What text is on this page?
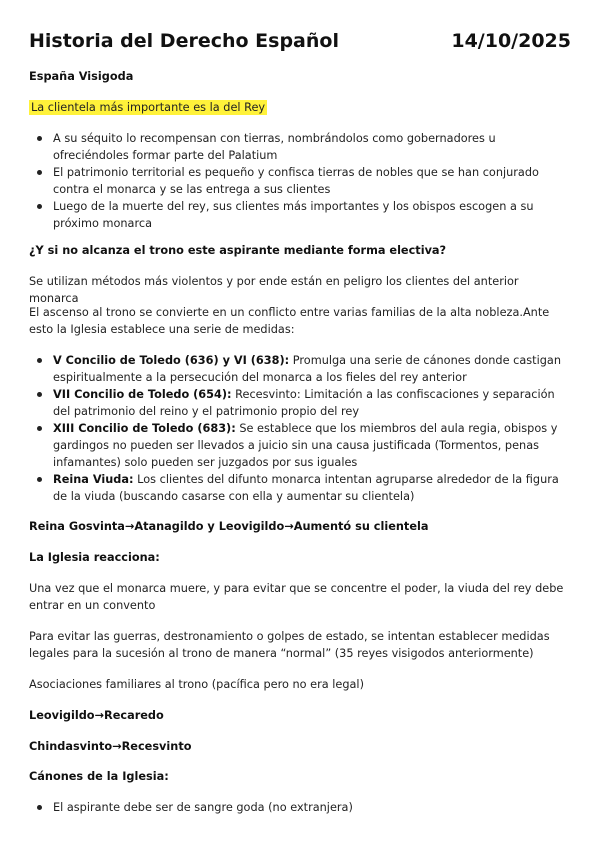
Historia del Derecho Español	14/10/2025

España Visigoda

La clientela más importante es la del Rey

A su séquito lo recompensan con tierras, nombrándolos como gobernadores u ofreciéndoles formar parte del Palatium
El patrimonio territorial es pequeño y confisca tierras de nobles que se han conjurado contra el monarca y se las entrega a sus clientes
Luego de la muerte del rey, sus clientes más importantes y los obispos escogen a su próximo monarca

¿Y si no alcanza el trono este aspirante mediante forma electiva?

Se utilizan métodos más violentos y por ende están en peligro los clientes del anterior monarca

El ascenso al trono se convierte en un conflicto entre varias familias de la alta nobleza.Ante esto la Iglesia establece una serie de medidas:

V Concilio de Toledo (636) y VI (638): Promulga una serie de cánones donde castigan espiritualmente a la persecución del monarca a los fieles del rey anterior
VII Concilio de Toledo (654): Recesvinto: Limitación a las confiscaciones y separación del patrimonio del reino y el patrimonio propio del rey
XIII Concilio de Toledo (683): Se establece que los miembros del aula regia, obispos y gardingos no pueden ser llevados a juicio sin una causa justificada (Tormentos, penas infamantes) solo pueden ser juzgados por sus iguales
Reina Viuda: Los clientes del difunto monarca intentan agruparse alrededor de la figura de la viuda (buscando casarse con ella y aumentar su clientela)

Reina Gosvinta→Atanagildo y Leovigildo→Aumentó su clientela

La Iglesia reacciona:

Una vez que el monarca muere, y para evitar que se concentre el poder, la viuda del rey debe entrar en un convento

Para evitar las guerras, destronamiento o golpes de estado, se intentan establecer medidas legales para la sucesión al trono de manera “normal” (35 reyes visigodos anteriormente)

Asociaciones familiares al trono (pacífica pero no era legal)

Leovigildo→Recaredo

Chindasvinto→Recesvinto

Cánones de la Iglesia:

El aspirante debe ser de sangre goda (no extranjera)
